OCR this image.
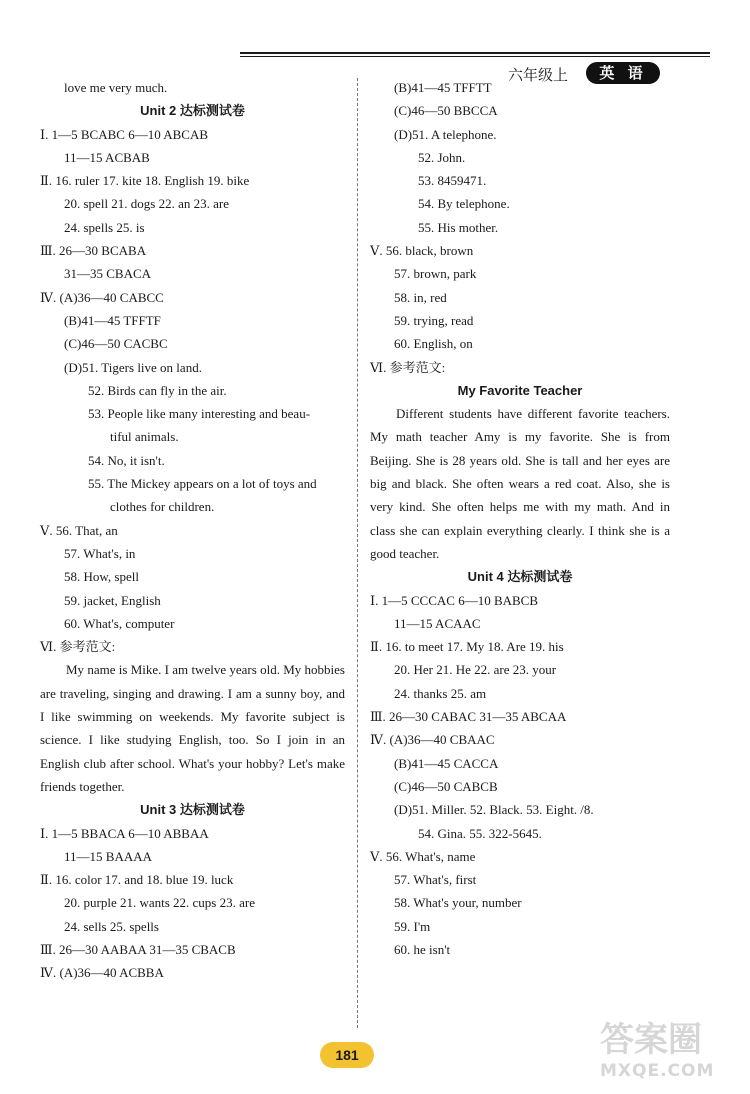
六年级上	英 语
love me very much.
Unit 2 达标测试卷
Ⅰ. 1—5 BCABC 6—10 ABCAB
11—15 ACBAB
Ⅱ. 16. ruler 17. kite 18. English 19. bike
20. spell 21. dogs 22. an 23. are
24. spells 25. is
Ⅲ. 26—30 BCABA
31—35 CBACA
Ⅳ. (A)36—40 CABCC
(B)41—45 TFFTF
(C)46—50 CACBC
(D)51. Tigers live on land.
52. Birds can fly in the air.
53. People like many interesting and beau-
tiful animals.
54. No, it isn't.
55. The Mickey appears on a lot of toys and
clothes for children.
Ⅴ. 56. That, an
57. What's, in
58. How, spell
59. jacket, English
60. What's, computer
Ⅵ. 参考范文:
My name is Mike. I am twelve years old. My hobbies are traveling, singing and drawing. I am a sunny boy, and I like swimming on weekends. My favorite subject is science. I like studying English, too. So I join in an English club after school. What's your hobby? Let's make friends together.
Unit 3 达标测试卷
Ⅰ. 1—5 BBACA 6—10 ABBAA
11—15 BAAAA
Ⅱ. 16. color 17. and 18. blue 19. luck
20. purple 21. wants 22. cups 23. are
24. sells 25. spells
Ⅲ. 26—30 AABAA 31—35 CBACB
Ⅳ. (A)36—40 ACBBA
(B)41—45 TFFTT
(C)46—50 BBCCA
(D)51. A telephone.
52. John.
53. 8459471.
54. By telephone.
55. His mother.
Ⅴ. 56. black, brown
57. brown, park
58. in, red
59. trying, read
60. English, on
Ⅵ. 参考范文:
My Favorite Teacher
Different students have different favorite teachers. My math teacher Amy is my favorite. She is from Beijing. She is 28 years old. She is tall and her eyes are big and black. She often wears a red coat. Also, she is very kind. She often helps me with my math. And in class she can explain everything clearly. I think she is a good teacher.
Unit 4 达标测试卷
Ⅰ. 1—5 CCCAC 6—10 BABCB
11—15 ACAAC
Ⅱ. 16. to meet 17. My 18. Are 19. his
20. Her 21. He 22. are 23. your
24. thanks 25. am
Ⅲ. 26—30 CABAC 31—35 ABCAA
Ⅳ. (A)36—40 CBAAC
(B)41—45 CACCA
(C)46—50 CABCB
(D)51. Miller. 52. Black. 53. Eight. /8.
54. Gina. 55. 322-5645.
Ⅴ. 56. What's, name
57. What's, first
58. What's your, number
59. I'm
60. he isn't
181	答案圈
MXQE.COM
